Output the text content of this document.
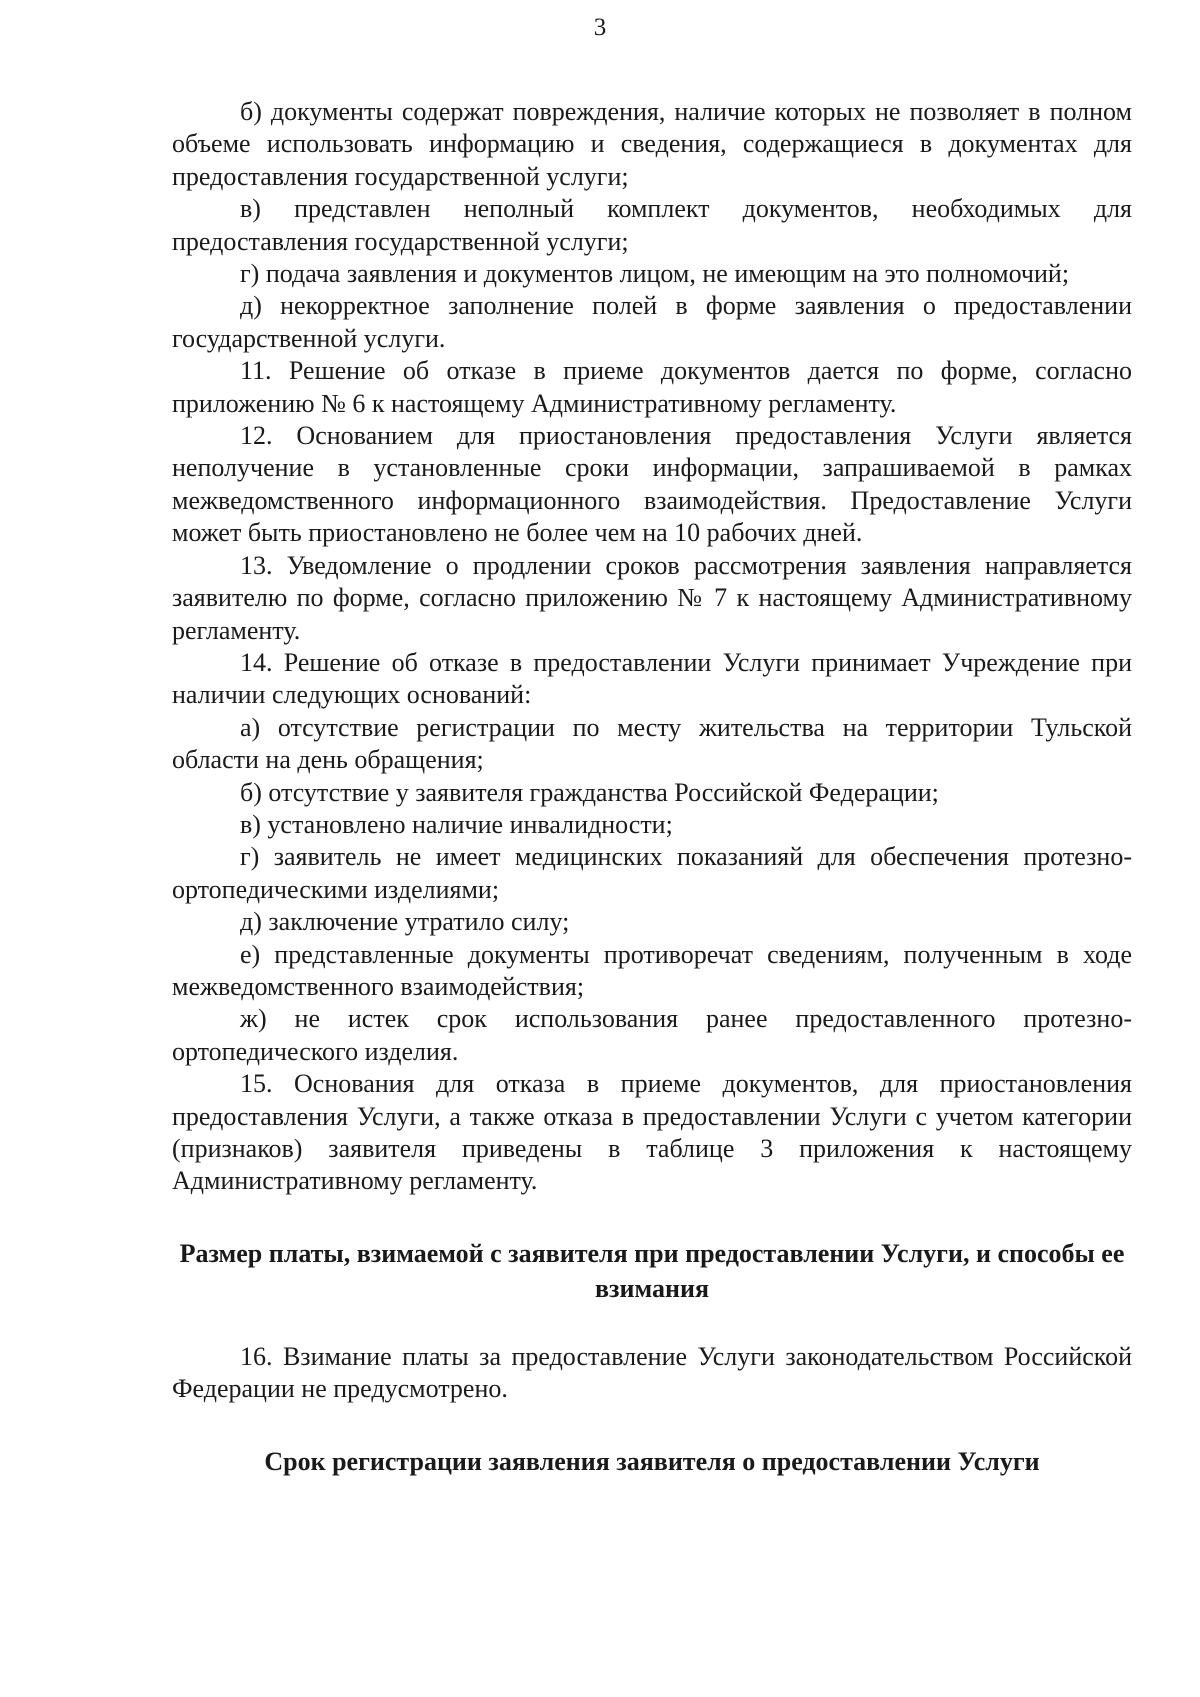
3

б) документы содержат повреждения, наличие которых не позволяет в полном объеме использовать информацию и сведения, содержащиеся в документах для предоставления государственной услуги;

в) представлен неполный комплект документов, необходимых для предоставления государственной услуги;

г) подача заявления и документов лицом, не имеющим на это полномочий;

д) некорректное заполнение полей в форме заявления о предоставлении государственной услуги.

11. Решение об отказе в приеме документов дается по форме, согласно приложению № 6 к настоящему Административному регламенту.

12. Основанием для приостановления предоставления Услуги является неполучение в установленные сроки информации, запрашиваемой в рамках межведомственного информационного взаимодействия. Предоставление Услуги может быть приостановлено не более чем на 10 рабочих дней.

13. Уведомление о продлении сроков рассмотрения заявления направляется заявителю по форме, согласно приложению № 7 к настоящему Административному регламенту.

14. Решение об отказе в предоставлении Услуги принимает Учреждение при наличии следующих оснований:

а) отсутствие регистрации по месту жительства на территории Тульской области на день обращения;

б) отсутствие у заявителя гражданства Российской Федерации;

в) установлено наличие инвалидности;

г) заявитель не имеет медицинских показанияй для обеспечения протезно-ортопедическими изделиями;

д) заключение утратило силу;

е) представленные документы противоречат сведениям, полученным в ходе межведомственного взаимодействия;

ж) не истек срок использования ранее предоставленного протезно-ортопедического изделия.

15. Основания для отказа в приеме документов, для приостановления предоставления Услуги, а также отказа в предоставлении Услуги с учетом категории (признаков) заявителя приведены в таблице 3 приложения к настоящему Административному регламенту.

Размер платы, взимаемой с заявителя при предоставлении Услуги, и способы ее взимания

16. Взимание платы за предоставление Услуги законодательством Российской Федерации не предусмотрено.

Срок регистрации заявления заявителя о предоставлении Услуги
